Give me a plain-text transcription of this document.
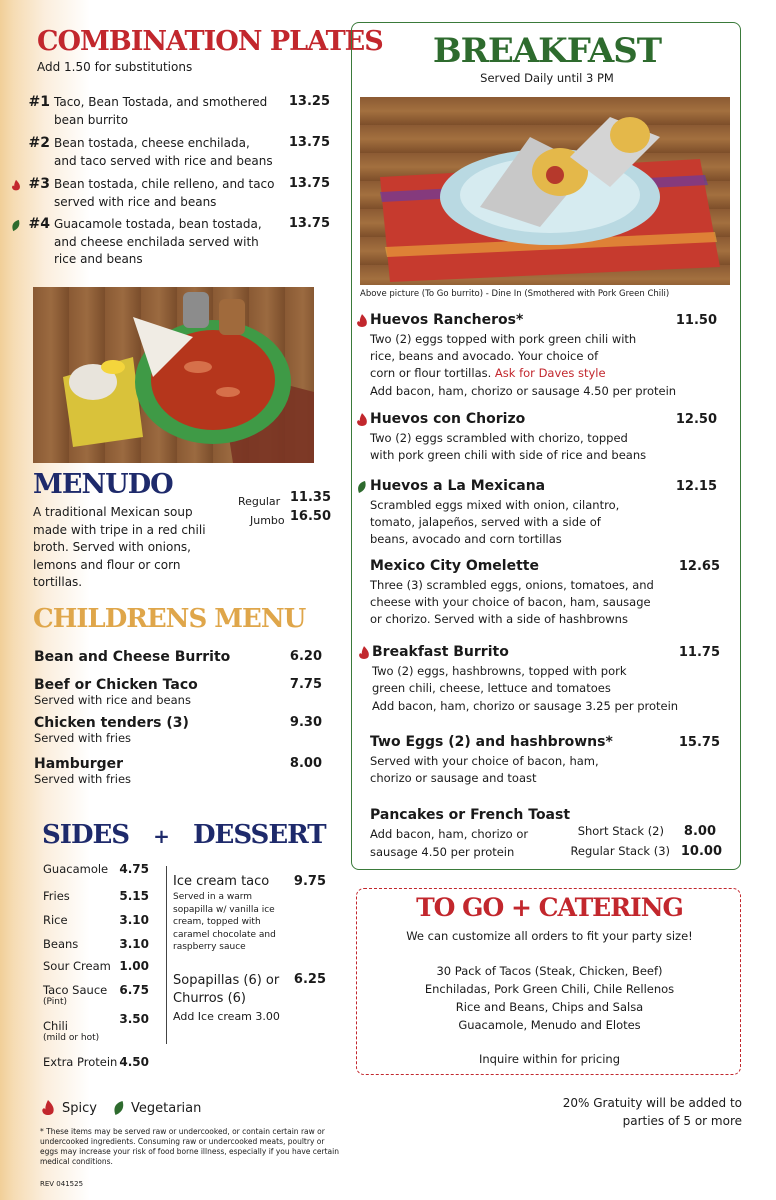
COMBINATION PLATES
Add 1.50 for substitutions
#1 Taco, Bean Tostada, and smothered bean burrito
13.25
#2 Bean tostada, cheese enchilada, and taco served with rice and beans
13.75
#3 Bean tostada, chile relleno, and taco served with rice and beans
13.75
#4 Guacamole tostada, bean tostada, and cheese enchilada served with rice and beans
13.75
MENUDO
A traditional Mexican soup made with tripe in a red chili broth. Served with onions, lemons and flour or corn tortillas.
Regular 11.35
Jumbo 16.50
CHILDRENS MENU
Bean and Cheese Burrito	6.20
Beef or Chicken Taco
Served with rice and beans
7.75
Chicken tenders (3)
Served with fries
9.30
Hamburger
Served with fries
8.00
SIDES + DESSERT
Guacamole 4.75
Fries	5.15
Rice	3.10
Beans	3.10
Sour Cream 1.00
Taco Sauce
(Pint)
6.75
Chili
(mild or hot)
3.50
Extra Protein 4.50
Ice cream taco	9.75
Served in a warm sopapilla w/ vanilla ice cream, topped with caramel chocolate and raspberry sauce
Sopapillas (6) or Churros (6)
6.25
Add Ice cream 3.00
Spicy	Vegetarian
* These items may be served raw or undercooked, or contain certain raw or undercooked ingredients. Consuming raw or undercooked meats, poultry or eggs may increase your risk of food borne illness, especially if you have certain medical conditions.
REV 041525
BREAKFAST
Served Daily until 3 PM
Above picture (To Go burrito) - Dine In (Smothered with Pork Green Chili)
Huevos Rancheros*	11.50
Two (2) eggs topped with pork green chili with
rice, beans and avocado. Your choice of
corn or flour tortillas. Ask for Daves style
Add bacon, ham, chorizo or sausage 4.50 per protein
Huevos con Chorizo	12.50
Two (2) eggs scrambled with chorizo, topped
with pork green chili with side of rice and beans
Huevos a La Mexicana	12.15
Scrambled eggs mixed with onion, cilantro,
tomato, jalapeños, served with a side of
beans, avocado and corn tortillas
Mexico City Omelette	12.65
Three (3) scrambled eggs, onions, tomatoes, and
cheese with your choice of bacon, ham, sausage
or chorizo. Served with a side of hashbrowns
Breakfast Burrito	11.75
Two (2) eggs, hashbrowns, topped with pork
green chili, cheese, lettuce and tomatoes
Add bacon, ham, chorizo or sausage 3.25 per protein
Two Eggs (2) and hashbrowns*	15.75
Served with your choice of bacon, ham,
chorizo or sausage and toast
Pancakes or French Toast
Add bacon, ham, chorizo or
sausage 4.50 per protein
Short Stack (2) 8.00
Regular Stack (3) 10.00
TO GO + CATERING
We can customize all orders to fit your party size!
30 Pack of Tacos (Steak, Chicken, Beef)
Enchiladas, Pork Green Chili, Chile Rellenos
Rice and Beans, Chips and Salsa
Guacamole, Menudo and Elotes
Inquire within for pricing
20% Gratuity will be added to
parties of 5 or more
